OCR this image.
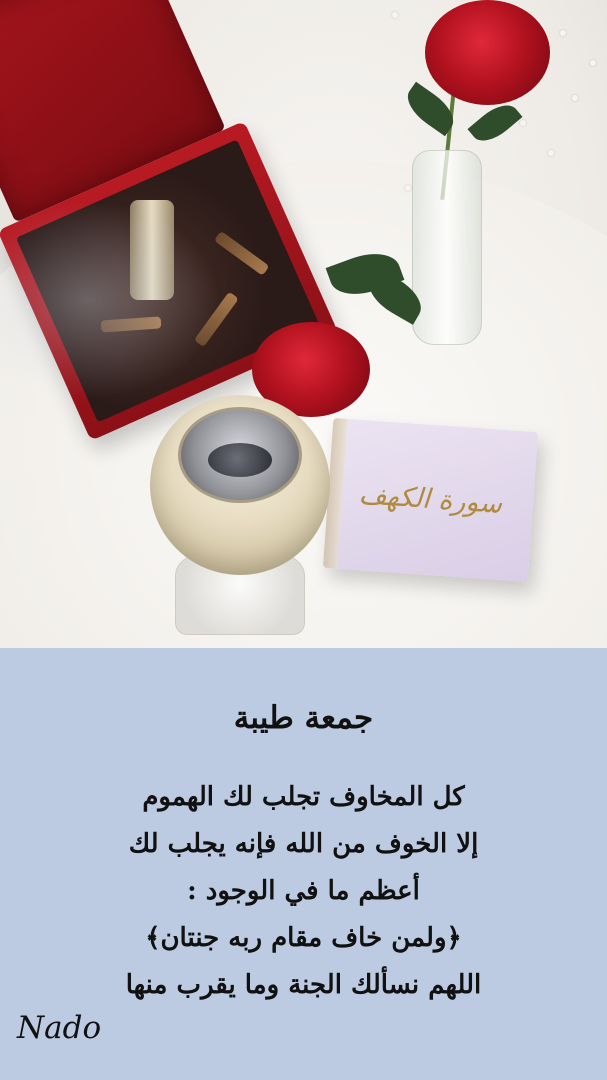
سورة الكهف
جمعة طيبة
كل المخاوف تجلب لك الهموم
إلا الخوف من الله فإنه يجلب لك
أعظم ما في الوجود :
﴿ولمن خاف مقام ربه جنتان﴾
اللهم نسألك الجنة وما يقرب منها
Nado
